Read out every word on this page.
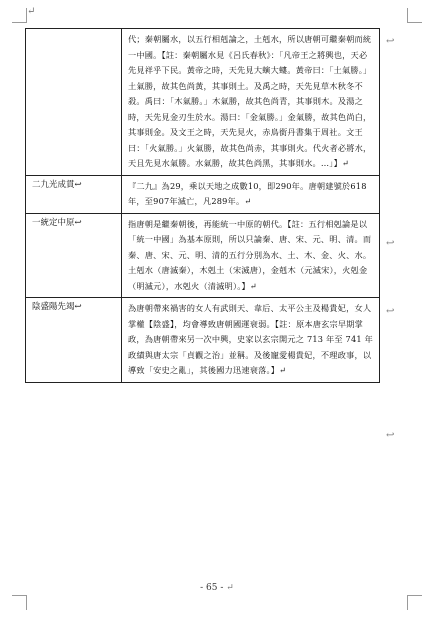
↵
	代；秦朝屬水，以五行相剋論之，土剋水，所以唐朝可繼秦朝而統一中國。【註：秦朝屬水見《呂氏春秋》：「凡帝王之將興也，天必先見祥乎下民。黃帝之時，天先見大螾大螻。黃帝曰：「土氣勝。」土氣勝，故其色尚黃，其事則土。及禹之時，天先見草木秋冬不殺。禹曰：「木氣勝。」木氣勝，故其色尚青，其事則木。及湯之時，天先見金刃生於水。湯曰：「金氣勝。」金氣勝，故其色尚白，其事則金。及文王之時，天先見火，赤鳥銜丹書集于周社。文王曰：「火氣勝。」火氣勝，故其色尚赤，其事則火。代火者必將水，天且先見水氣勝。水氣勝，故其色尚黑，其事則水。…」】↵
二九光成貫↩	『二九』為29，乘以天地之成數10，即290年。唐朝建號於618年，至907年滅亡，凡289年。↵
一統定中原↩	指唐朝是繼秦朝後，再能統一中原的朝代。【註：五行相剋論是以「統一中國」為基本原則，所以只論秦、唐、宋、元、明、清。而秦、唐、宋、元、明、清的五行分別為水、土、木、金、火、水。土剋水（唐滅秦），木剋土（宋滅唐），金剋木（元滅宋），火剋金（明滅元），水剋火（清滅明）。】↵
陰盛陽先竭↩	為唐朝帶來禍害的女人有武則天、韋后、太平公主及楊貴妃，女人掌權【陰盛】，均會導致唐朝國運衰弱。【註：原本唐玄宗早期掌政，為唐朝帶來另一次中興，史家以玄宗開元之 713 年至 741 年政績與唐太宗「貞觀之治」並稱。及後寵愛楊貴妃，不理政事，以導致「安史之亂」，其後國力迅速衰落。】↵
↩
↩
↩
↩
- 65 - ↵
